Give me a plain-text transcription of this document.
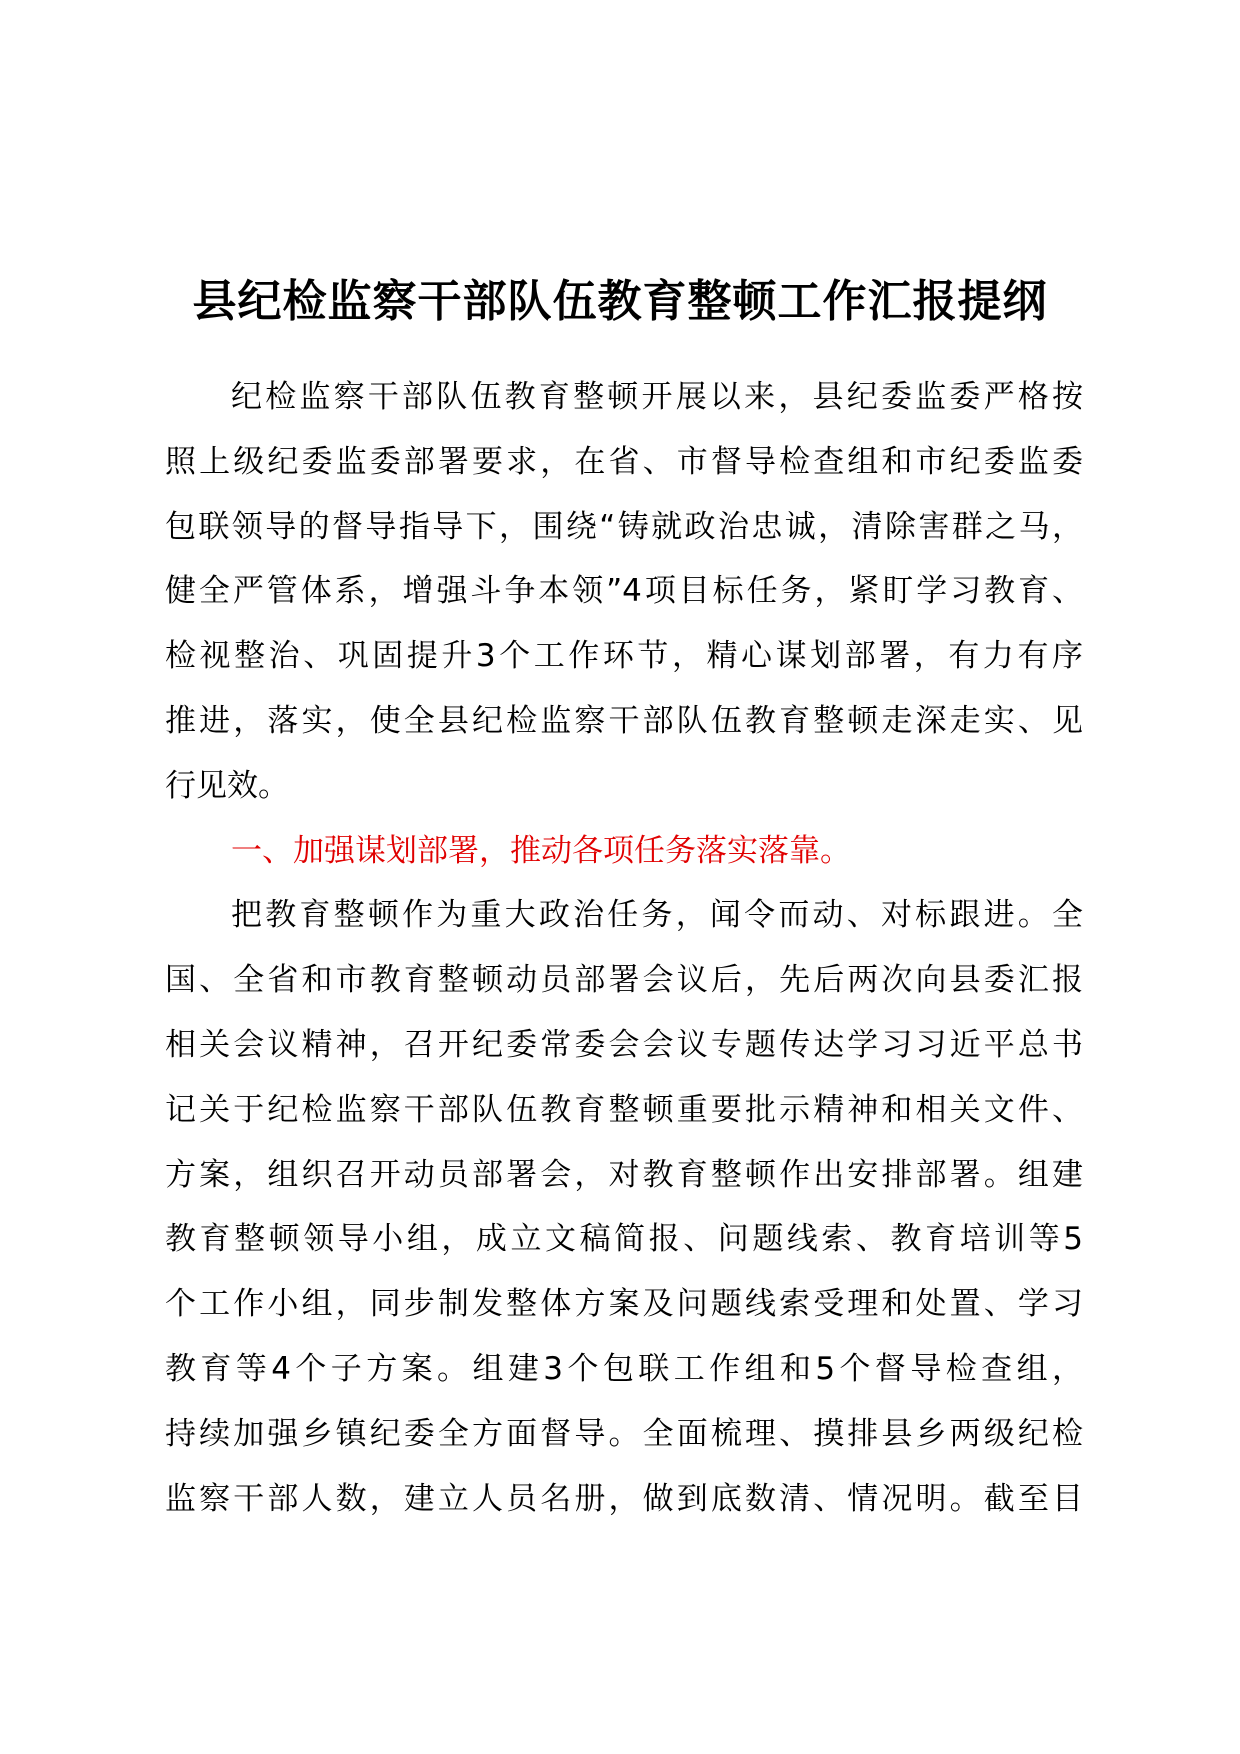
县纪检监察干部队伍教育整顿工作汇报提纲
纪检监察干部队伍教育整顿开展以来，县纪委监委严格按
照上级纪委监委部署要求，在省、市督导检查组和市纪委监委
包联领导的督导指导下，围绕“铸就政治忠诚，清除害群之马，
健全严管体系，增强斗争本领”4项目标任务，紧盯学习教育、
检视整治、巩固提升3个工作环节，精心谋划部署，有力有序
推进，落实，使全县纪检监察干部队伍教育整顿走深走实、见
行见效。
一、加强谋划部署，推动各项任务落实落靠。
把教育整顿作为重大政治任务，闻令而动、对标跟进。全
国、全省和市教育整顿动员部署会议后，先后两次向县委汇报
相关会议精神，召开纪委常委会会议专题传达学习习近平总书
记关于纪检监察干部队伍教育整顿重要批示精神和相关文件、
方案，组织召开动员部署会，对教育整顿作出安排部署。组建
教育整顿领导小组，成立文稿简报、问题线索、教育培训等5
个工作小组，同步制发整体方案及问题线索受理和处置、学习
教育等4个子方案。组建3个包联工作组和5个督导检查组，
持续加强乡镇纪委全方面督导。全面梳理、摸排县乡两级纪检
监察干部人数，建立人员名册，做到底数清、情况明。截至目
